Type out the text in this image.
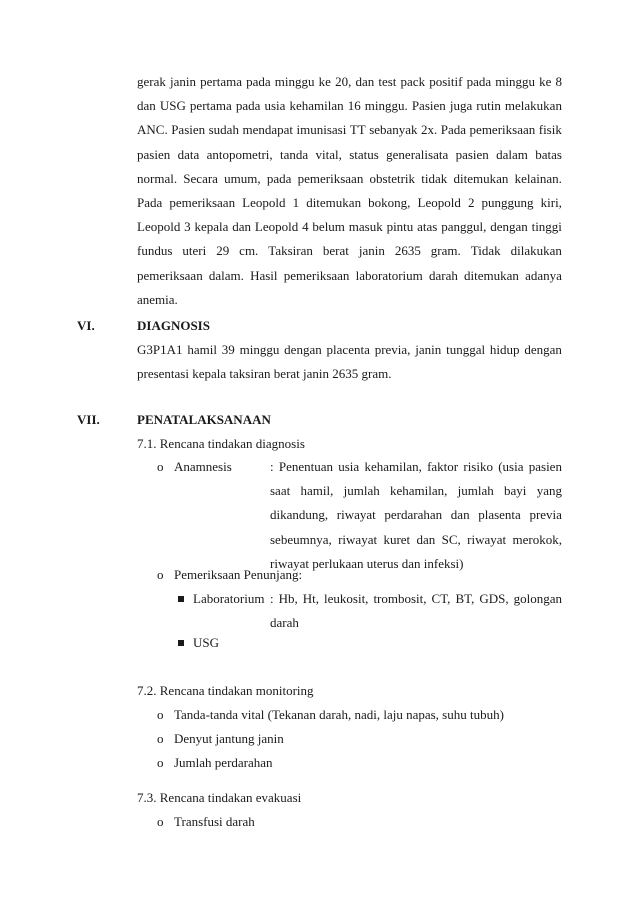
gerak janin pertama pada minggu ke 20, dan test pack positif pada minggu ke 8
dan USG pertama pada usia kehamilan 16 minggu. Pasien juga rutin melakukan
ANC. Pasien sudah mendapat imunisasi TT sebanyak 2x. Pada pemeriksaan fisik
pasien data antopometri, tanda vital, status generalisata pasien dalam batas
normal. Secara umum, pada pemeriksaan obstetrik tidak ditemukan kelainan.
Pada pemeriksaan Leopold 1 ditemukan bokong, Leopold 2 punggung kiri,
Leopold 3 kepala dan Leopold 4 belum masuk pintu atas panggul, dengan tinggi
fundus uteri 29 cm. Taksiran berat janin 2635 gram. Tidak dilakukan
pemeriksaan dalam. Hasil pemeriksaan laboratorium darah ditemukan adanya
anemia.
VI.	DIAGNOSIS
G3P1A1 hamil 39 minggu dengan placenta previa, janin tunggal hidup dengan
presentasi kepala taksiran berat janin 2635 gram.
VII.	PENATALAKSANAAN
7.1. Rencana tindakan diagnosis
o Anamnesis	: Penentuan usia kehamilan, faktor risiko (usia pasien
saat hamil, jumlah kehamilan, jumlah bayi yang
dikandung, riwayat perdarahan dan plasenta previa
sebeumnya, riwayat kuret dan SC, riwayat merokok,
riwayat perlukaan uterus dan infeksi)
o Pemeriksaan Penunjang:
Laboratorium : Hb, Ht, leukosit, trombosit, CT, BT, GDS, golongan
darah
USG
7.2. Rencana tindakan monitoring
o Tanda-tanda vital (Tekanan darah, nadi, laju napas, suhu tubuh)
o Denyut jantung janin
o Jumlah perdarahan
7.3. Rencana tindakan evakuasi
o Transfusi darah
